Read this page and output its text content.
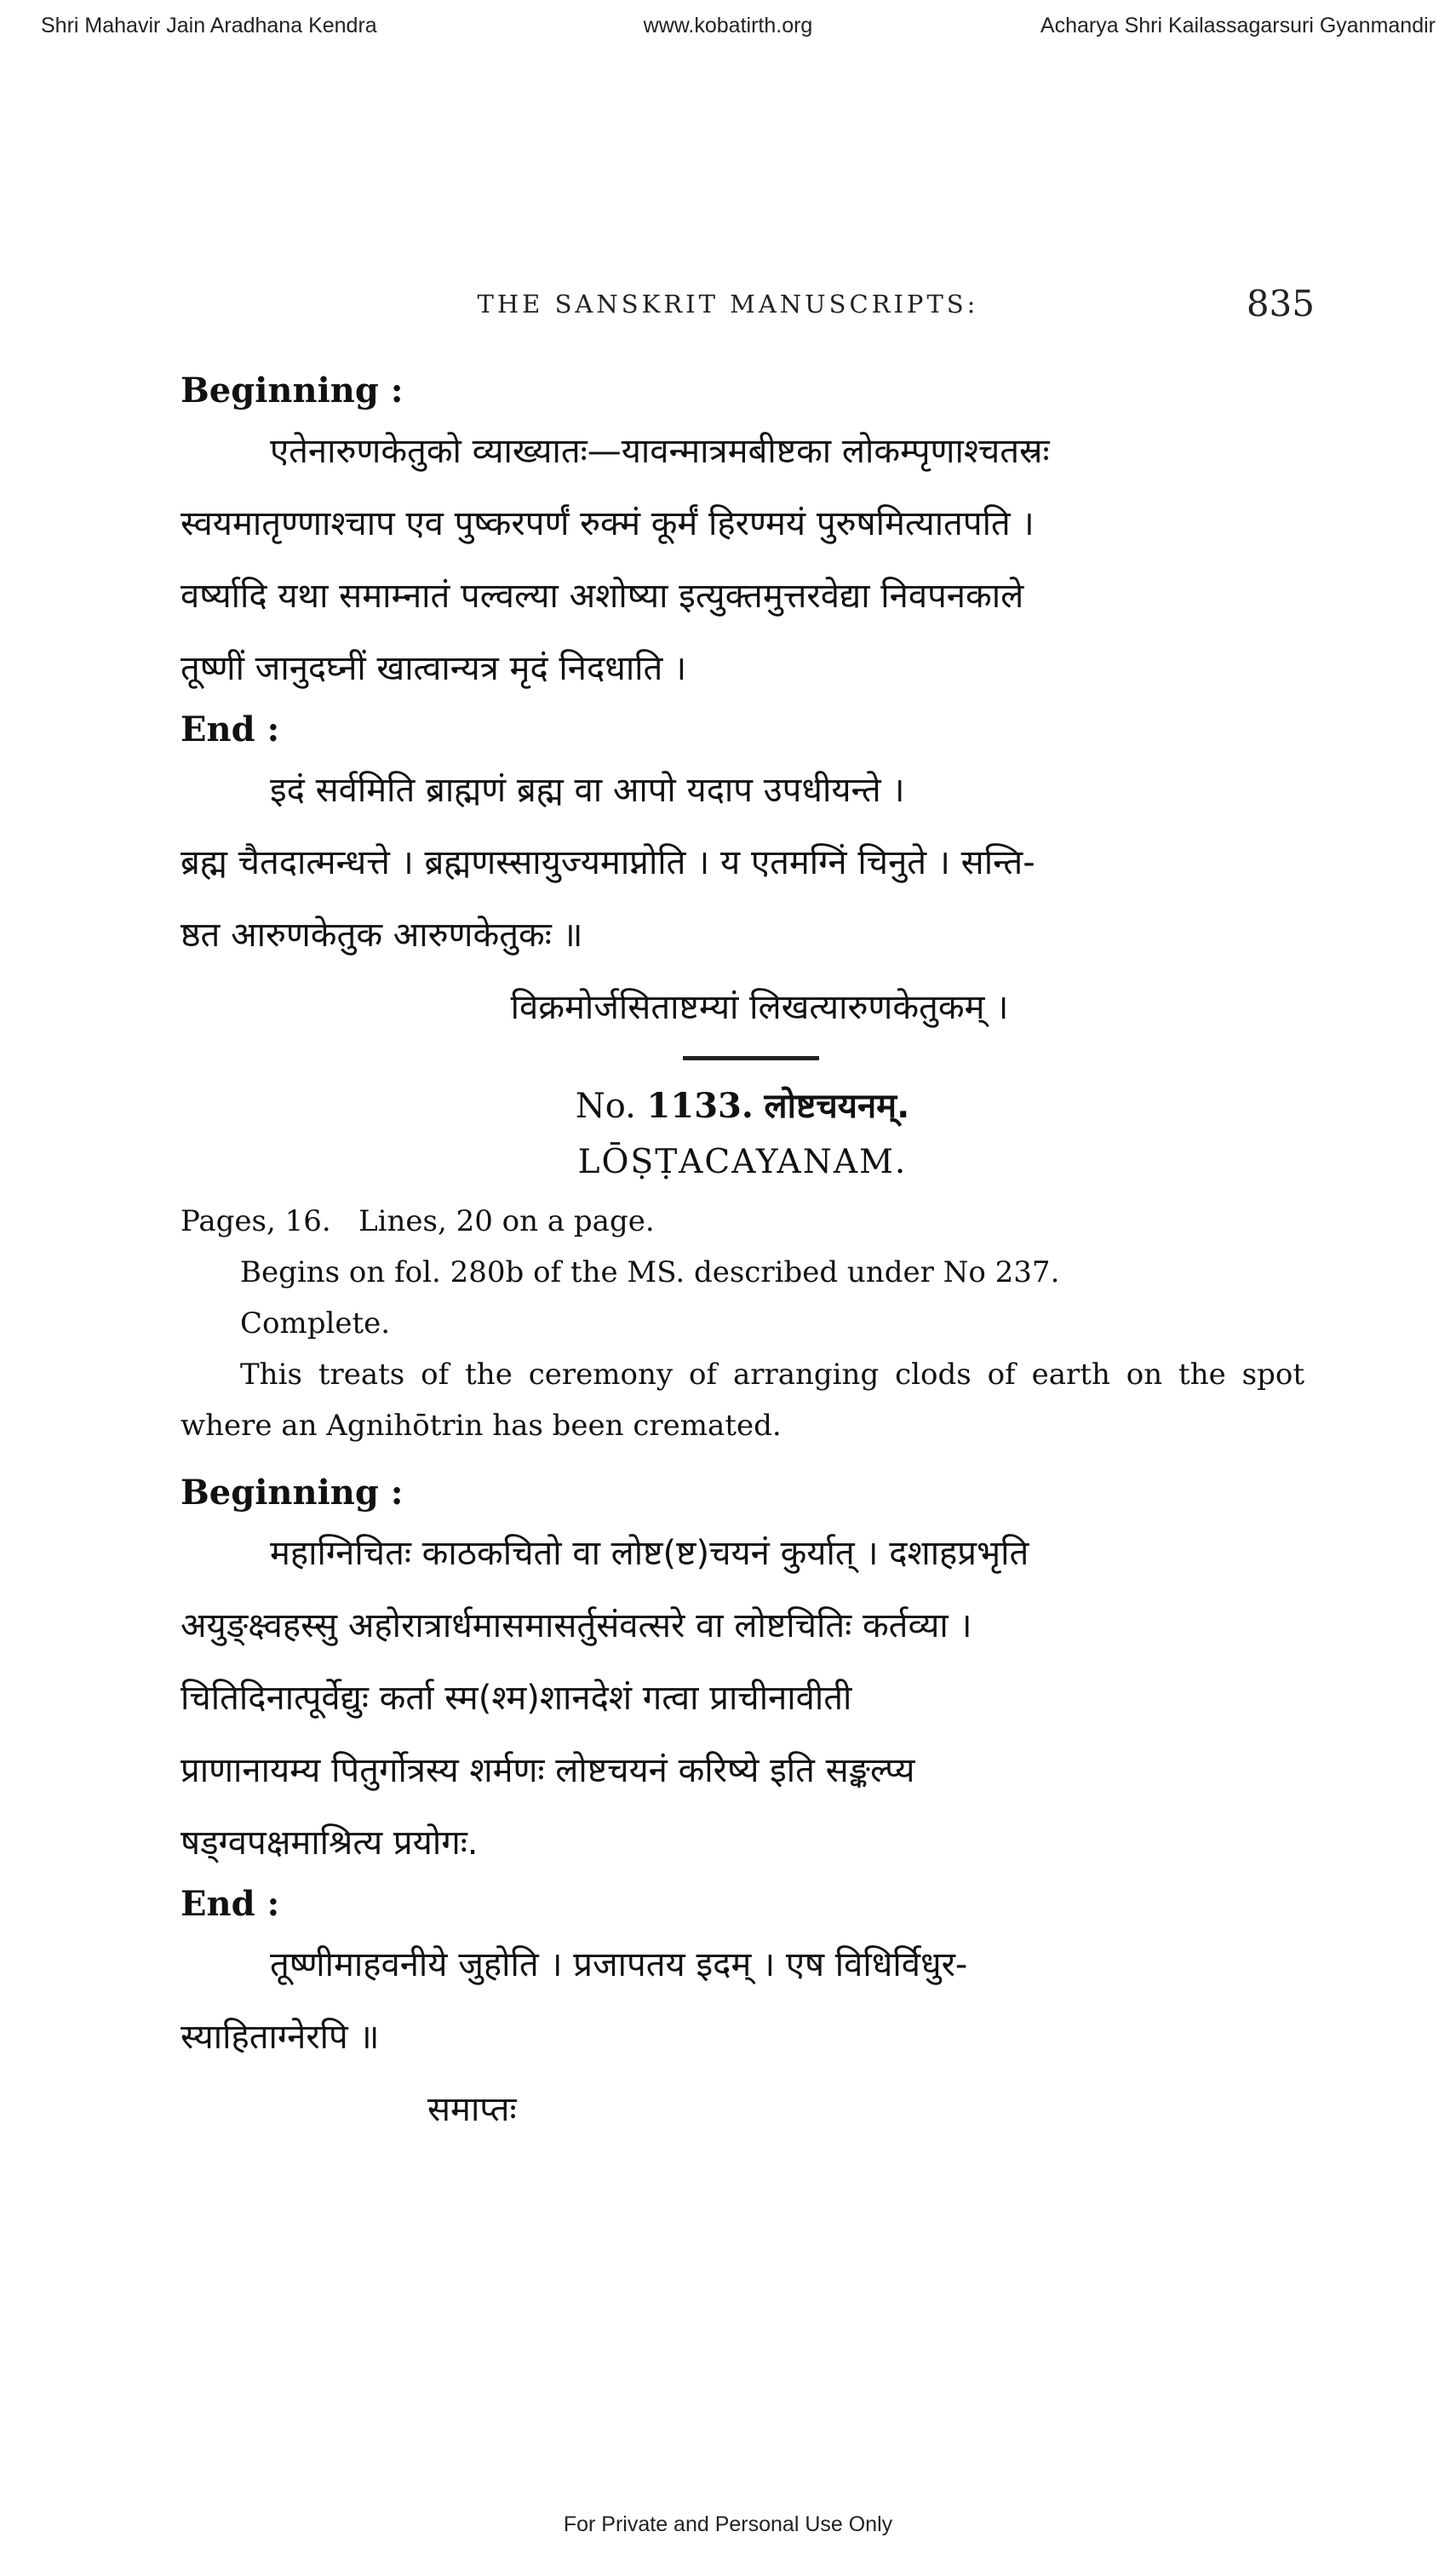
Shri Mahavir Jain Aradhana Kendra	www.kobatirth.org	Acharya Shri Kailassagarsuri Gyanmandir
THE SANSKRIT MANUSCRIPTS:	835

Beginning :

एतेनारुणकेतुको व्याख्यातः—यावन्मात्रमबीष्टका लोकम्पृणाश्चतस्रः

स्वयमातृण्णाश्चाप एव पुष्करपर्णं रुक्मं कूर्मं हिरण्मयं पुरुषमित्यातपति ।

वर्ष्यादि यथा समाम्नातं पल्वल्या अशोष्या इत्युक्तमुत्तरवेद्या निवपनकाले

तूष्णीं जानुदघ्नीं खात्वान्यत्र मृदं निदधाति ।

End :

इदं सर्वमिति ब्राह्मणं ब्रह्म वा आपो यदाप उपधीयन्ते ।

ब्रह्म चैतदात्मन्धत्ते । ब्रह्मणस्सायुज्यमाप्नोति । य एतमग्निं चिनुते । सन्ति-

ष्ठत आरुणकेतुक आरुणकेतुकः ॥

विक्रमोर्जसिताष्टम्यां लिखत्यारुणकेतुकम् ।

No. 1133. लोष्टचयनम्.

LŌṢṬACAYANAM.

Pages, 16.   Lines, 20 on a page.

Begins on fol. 280b of the MS. described under No 237.

Complete.

This treats of the ceremony of arranging clods of earth on the spot where an Agnihōtrin has been cremated.

Beginning :

महाग्निचितः काठकचितो वा लोष्ट(ष्ट)चयनं कुर्यात् । दशाहप्रभृति

अयुङ्क्ष्वहस्सु अहोरात्रार्धमासमासर्तुसंवत्सरे वा लोष्टचितिः कर्तव्या ।

चितिदिनात्पूर्वेद्युः कर्ता स्म(श्म)शानदेशं गत्वा प्राचीनावीती

प्राणानायम्य पितुर्गोत्रस्य शर्मणः लोष्टचयनं करिष्ये इति सङ्कल्प्य

षड्ग्वपक्षमाश्रित्य प्रयोगः.

End :

तूष्णीमाहवनीये जुहोति । प्रजापतय इदम् । एष विधिर्विधुर-

स्याहिताग्नेरपि ॥

समाप्तः

For Private and Personal Use Only
